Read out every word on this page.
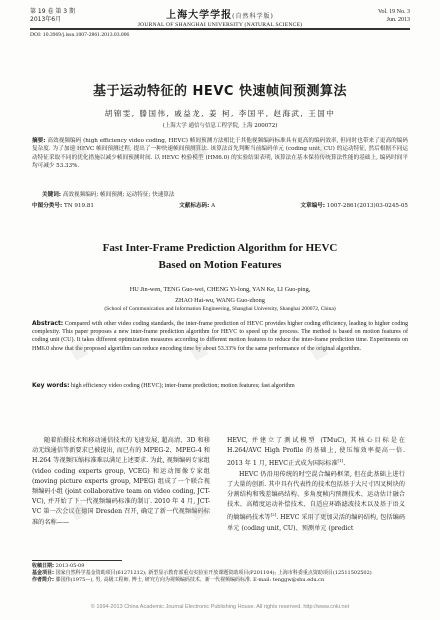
第 19 卷 第 3 期
2013年6月	上海大学学报(自然科学版)
JOURNAL OF SHANGHAI UNIVERSITY (NATURAL SCIENCE)
Vol. 19 No. 3
Jun. 2013
DOI: 10.3969/j.issn.1007-2861.2013.03.006
基于运动特征的 HEVC 快速帧间预测算法
胡锦雯, 滕国伟, 戚益龙, 姜 柯, 李国平, 赵海武, 王国中
(上海大学 通信与信息工程学院, 上海 200072)
摘要: 高效视频编码 (high efficiency video coding, HEVC) 帧间预测方法相比于其他视频编码标准具有更高的编码效率, 但同时也带来了更高的编码复杂度. 为了加速 HEVC 帧间预测过程, 提出了一种快速帧间预测算法. 该算法首先判断当前编码单元 (coding unit, CU) 的运动特征, 然后根据不同运动特征采取不同的优化措施以减少帧间预测时间. 以 HEVC 校验模型 (HM6.0) 的实验结果表明, 该算法在基本保持传统算法性能的基础上, 编码时间平均可减少 53.33%.
关键词: 高效视频编码; 帧间预测; 运动特征; 快速算法
中图分类号: TN 919.81	文献标志码: A	文章编号: 1007-2861(2013)03-0245-05
Fast Inter-Frame Prediction Algorithm for HEVC
Based on Motion Features
HU Jin-wen, TENG Guo-wei, CHENG Yi-long, YAN Ke, LI Guo-ping,
ZHAO Hai-wu, WANG Guo-zhong
(School of Communication and Information Engineering, Shanghai University, Shanghai 200072, China)
Abstract: Compared with other video coding standards, the inter-frame prediction of HEVC provides higher coding efficiency, leading to higher coding complexity. This paper proposes a new inter-frame prediction algorithm for HEVC to speed up the process. The method is based on motion features of coding unit (CU). It takes different optimization measures according to different motion features to reduce the inter-frame prediction time. Experiments on HM6.0 show that the proposed algorithm can reduce encoding time by about 53.33% for the same performance of the original algorithm.
Key words: high efficiency video coding (HEVC); inter-frame prediction; motion features; fast algorithm

随着拍摄技术和移动通信技术的飞速发展, 超高清、3D 和移动无线通信等新要求已被提出, 而已有的 MPEG-2、MPEG-4 和 H.264 等视频压缩标准难以满足上述要求. 为此, 视频编码专家组 (video coding experts group, VCEG) 和运动图像专家组 (moving picture experts group, MPEG) 组成了一个联合视频编码小组 (joint collaborative team on video coding, JCT-VC), 并开始了下一代视频编码标准的制订. 2010 年 4 月, JCT-VC 第一次会议在德国 Dresden 召开, 确定了新一代视频编码标准的名称——

HEVC, 并建立了测试模型 (TMuC), 其核心目标是在 H.264/AVC High Profile 的基础上, 使压缩效率提高一倍. 2013 年 1 月, HEVC正式成为国际标准[1].

HEVC 仍沿用传统的时空混合编码框架, 但在此基础上进行了大量的创新. 其中具有代表性的技术包括基于大尺寸四叉树块的分割结构和残差编码结构、多角度帧内预测技术、运动估计融合技术、高精度运动补偿技术、自适应环路滤波技术以及基于语义的熵编码技术等[2]. HEVC 采用了更加灵活的编码结构, 包括编码单元 (coding unit, CU)、预测单元 (predict

收稿日期: 2013-05-09
基金项目: 国家自然科学基金资助项目(61271212); 新型显示教育部重点实验室开放课题资助项目(P201104); 上海市科委重点资助项目(12511502502)
作者简介: 滕国伟(1975—), 男, 高级工程师, 博士, 研究方向为视频编码技术、新一代视频编码标准. E-mail: tenggw@shu.edu.cn
© 1994-2013 China Academic Journal Electronic Publishing House. All rights reserved. http://www.cnki.net
■	■	■
■	■	■
■	■	■
